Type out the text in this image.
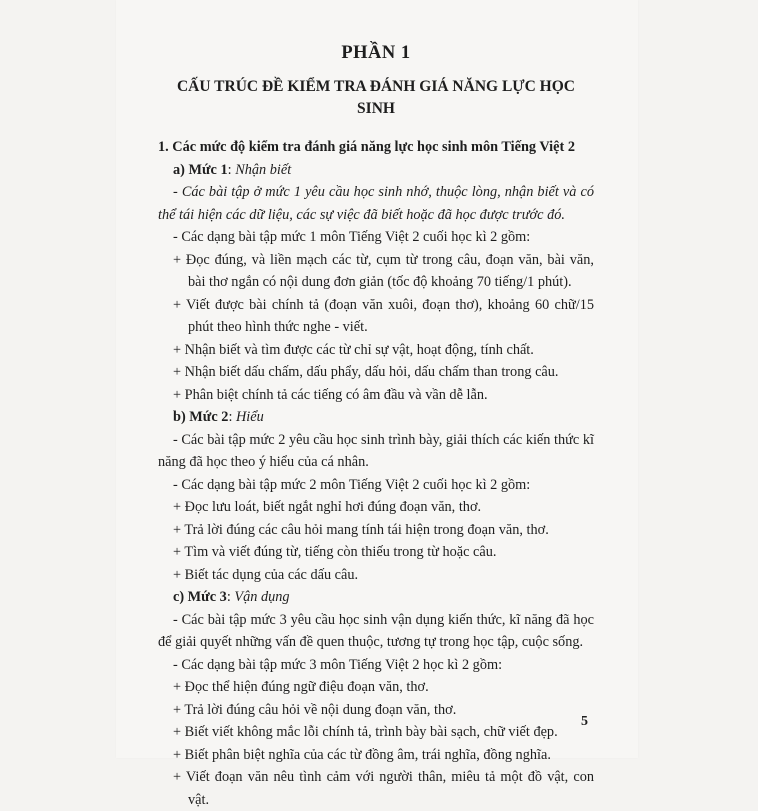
PHẦN 1
CẤU TRÚC ĐỀ KIỂM TRA ĐÁNH GIÁ NĂNG LỰC HỌC SINH
1. Các mức độ kiểm tra đánh giá năng lực học sinh môn Tiếng Việt 2
a) Mức 1: Nhận biết
- Các bài tập ở mức 1 yêu cầu học sinh nhớ, thuộc lòng, nhận biết và có thể tái hiện các dữ liệu, các sự việc đã biết hoặc đã học được trước đó.
- Các dạng bài tập mức 1 môn Tiếng Việt 2 cuối học kì 2 gồm:
+ Đọc đúng, và liền mạch các từ, cụm từ trong câu, đoạn văn, bài văn, bài thơ ngắn có nội dung đơn giản (tốc độ khoảng 70 tiếng/1 phút).
+ Viết được bài chính tả (đoạn văn xuôi, đoạn thơ), khoảng 60 chữ/15 phút theo hình thức nghe - viết.
+ Nhận biết và tìm được các từ chỉ sự vật, hoạt động, tính chất.
+ Nhận biết dấu chấm, dấu phẩy, dấu hỏi, dấu chấm than trong câu.
+ Phân biệt chính tả các tiếng có âm đầu và vần dễ lẫn.
b) Mức 2: Hiểu
- Các bài tập mức 2 yêu cầu học sinh trình bày, giải thích các kiến thức kĩ năng đã học theo ý hiểu của cá nhân.
- Các dạng bài tập mức 2 môn Tiếng Việt 2 cuối học kì 2 gồm:
+ Đọc lưu loát, biết ngắt nghỉ hơi đúng đoạn văn, thơ.
+ Trả lời đúng các câu hỏi mang tính tái hiện trong đoạn văn, thơ.
+ Tìm và viết đúng từ, tiếng còn thiếu trong từ hoặc câu.
+ Biết tác dụng của các dấu câu.
c) Mức 3: Vận dụng
- Các bài tập mức 3 yêu cầu học sinh vận dụng kiến thức, kĩ năng đã học để giải quyết những vấn đề quen thuộc, tương tự trong học tập, cuộc sống.
- Các dạng bài tập mức 3 môn Tiếng Việt 2 học kì 2 gồm:
+ Đọc thể hiện đúng ngữ điệu đoạn văn, thơ.
+ Trả lời đúng câu hỏi về nội dung đoạn văn, thơ.
+ Biết viết không mắc lỗi chính tả, trình bày bài sạch, chữ viết đẹp.
+ Biết phân biệt nghĩa của các từ đồng âm, trái nghĩa, đồng nghĩa.
+ Viết đoạn văn nêu tình cảm với người thân, miêu tả một đồ vật, con vật.
5
